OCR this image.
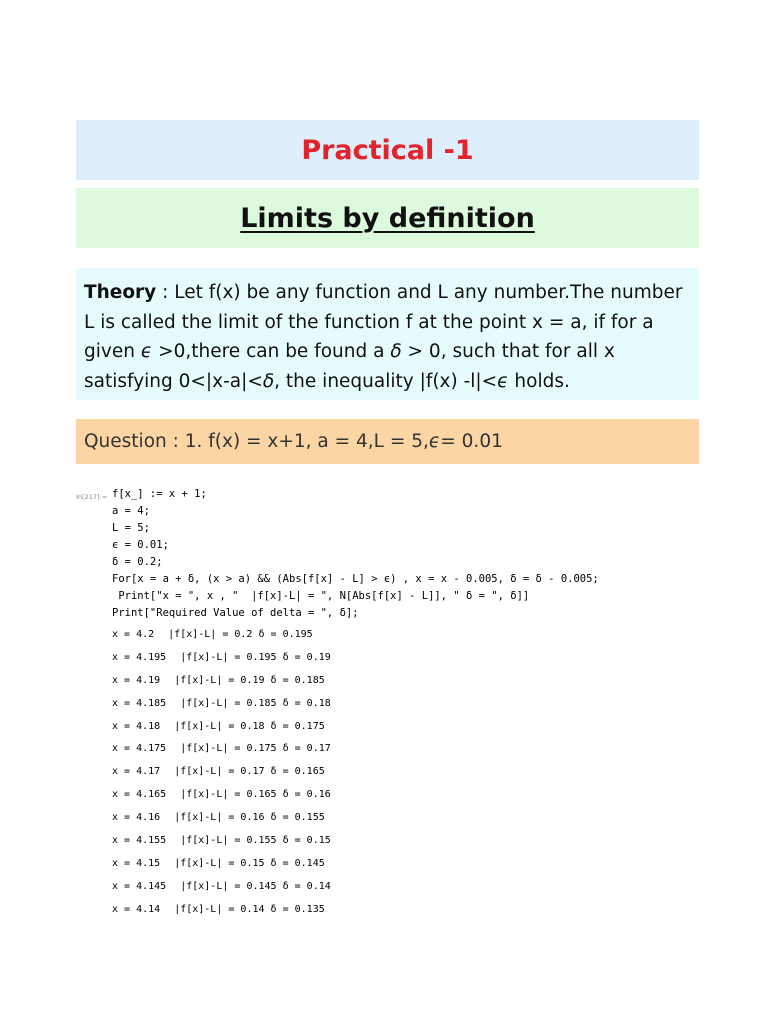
Practical -1
Limits by definition
Theory : Let f(x) be any function and L any number.The number L is called the limit of the function f at the point x = a, if for a given ϵ >0,there can be found a δ > 0, such that for all x satisfying 0<|x-a|<δ, the inequality |f(x) -l|<ϵ holds.
Question : 1. f(x) = x+1, a = 4,L = 5, ϵ = 0.01
In[217]:= f[x_] := x + 1;
a = 4;
L = 5;
ϵ = 0.01;
δ = 0.2;
For[x = a + δ, (x > a) && (Abs[f[x] - L] > ϵ) , x = x - 0.005, δ = δ - 0.005;
Print["x = ", x , "  |f[x]-L| = ", N[Abs[f[x] - L]], " δ = ", δ]]
Print["Required Value of delta = ", δ];
x = 4.2 |f[x]-L| = 0.2 δ = 0.195
x = 4.195 |f[x]-L| = 0.195 δ = 0.19
x = 4.19 |f[x]-L| = 0.19 δ = 0.185
x = 4.185 |f[x]-L| = 0.185 δ = 0.18
x = 4.18 |f[x]-L| = 0.18 δ = 0.175
x = 4.175 |f[x]-L| = 0.175 δ = 0.17
x = 4.17 |f[x]-L| = 0.17 δ = 0.165
x = 4.165 |f[x]-L| = 0.165 δ = 0.16
x = 4.16 |f[x]-L| = 0.16 δ = 0.155
x = 4.155 |f[x]-L| = 0.155 δ = 0.15
x = 4.15 |f[x]-L| = 0.15 δ = 0.145
x = 4.145 |f[x]-L| = 0.145 δ = 0.14
x = 4.14 |f[x]-L| = 0.14 δ = 0.135
